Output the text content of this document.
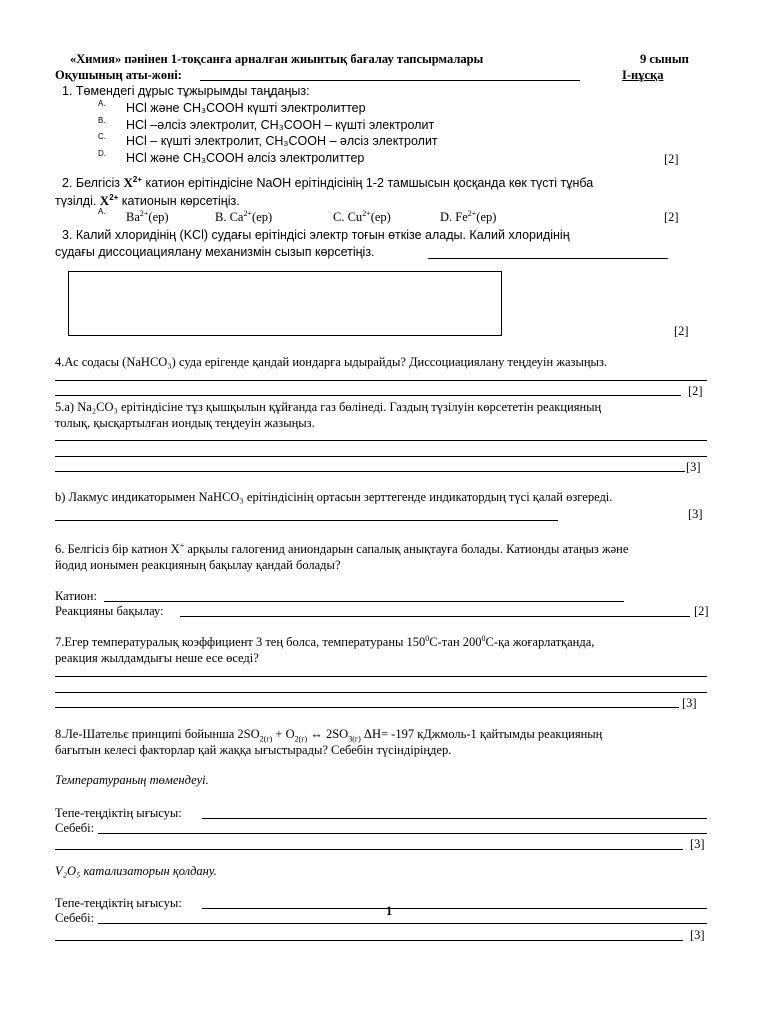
«Химия» пәнінен 1-тоқсанға арналған жиынтық бағалау тапсырмалары	9 сынып
Оқушының аты-жөні:	I-нұсқа
1. Төмендегі дұрыс тұжырымды таңдаңыз:
A. HCl және CH₃COOH күшті электролиттер
B. HCl –әлсіз электролит, CH₃COOH – күшті электролит
C. HCl – күшті электролит, CH₃COOH – әлсіз электролит
D. HCl және CH₃COOH әлсіз электролиттер	[2]
2. Белгісіз $X^{2+}$ катион ерітіндісіне NaOH ерітіндісінің 1-2 тамшысын қосқанда көк түсті тұнба
түзілді. $X^{2+}$ катионын көрсетіңіз.
A. $Ba^{2+}(ер)$	B. $Ca^{2+}(ер)$	C. $Cu^{2+}(ер)$	D. $Fe^{2+}(ер)$	[2]
3. Калий хлоридінің (KCl) судағы ерітіндісі электр тоғын өткізе алады. Калий хлоридінің
судағы диссоциациялану механизмін сызып көрсетіңіз.
[2]
4.Ас содасы (NaHCO₃) суда ерігенде қандай иондарға ыдырайды? Диссоциациялану теңдеуін жазыңыз.
[2]
5.a) Na₂CO₃ ерітіндісіне тұз қышқылын құйғанда газ бөлінеді. Газдың түзілуін көрсететін реакцияның
толық, қысқартылған иондық теңдеуін жазыңыз.
[3]
b) Лакмус индикаторымен NaHCO₃ ерітіндісінің ортасын зерттегенде индикатордың түсі қалай өзгереді.
[3]
6. Белгісіз бір катион X+ арқылы галогенид аниондарын сапалық анықтауға болады. Катионды атаңыз және
йодид ионымен реакцияның бақылау қандай болады?
Катион:
Реакцияны бақылау:	[2]
7.Егер температуралық коэффициент 3 тең болса, температураны $150^0С$-тан $200^0С-қа$ жоғарлатқанда,
реакция жылдамдығы неше есе өседі?
[3]
8.Ле-Шательє принципі бойынша $2SO_{2(г)} + O_{2(г)}$ ↔ $2SO_{3(г)}$ ΔH= -197 кДжмоль-1 қайтымды реакцияның
бағытын келесі факторлар қай жаққа ығыстырады? Себебін түсіндіріңдер.
Температураның төмендеуі.
Тепе-теңдіктің ығысуы:
Себебі:
[3]
V₂O₅ катализаторын қолдану.
Тепе-теңдіктің ығысуы:
Себебі:
[3]
1
